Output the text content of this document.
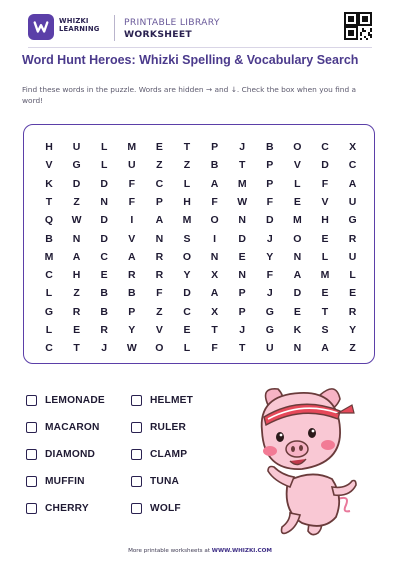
WHIZKI
LEARNING
PRINTABLE LIBRARY
WORKSHEET
Word Hunt Heroes: Whizki Spelling & Vocabulary Search
Find these words in the puzzle. Words are hidden → and ↓. Check the box when you find a word!
H	U	L	M	E	T	P	J	B	O	C	X
V	G	L	U	Z	Z	B	T	P	V	D	C
K	D	D	F	C	L	A	M	P	L	F	A
T	Z	N	F	P	H	F	W	F	E	V	U
Q	W	D	I	A	M	O	N	D	M	H	G
B	N	D	V	N	S	I	D	J	O	E	R
M	A	C	A	R	O	N	E	Y	N	L	U
C	H	E	R	R	Y	X	N	F	A	M	L
L	Z	B	B	F	D	A	P	J	D	E	E
G	R	B	P	Z	C	X	P	G	E	T	R
L	E	R	Y	V	E	T	J	G	K	S	Y
C	T	J	W	O	L	F	T	U	N	A	Z
LEMONADE	HELMET
MACARON	RULER
DIAMOND	CLAMP
MUFFIN	TUNA
CHERRY	WOLF
More printable worksheets at WWW.WHIZKI.COM
